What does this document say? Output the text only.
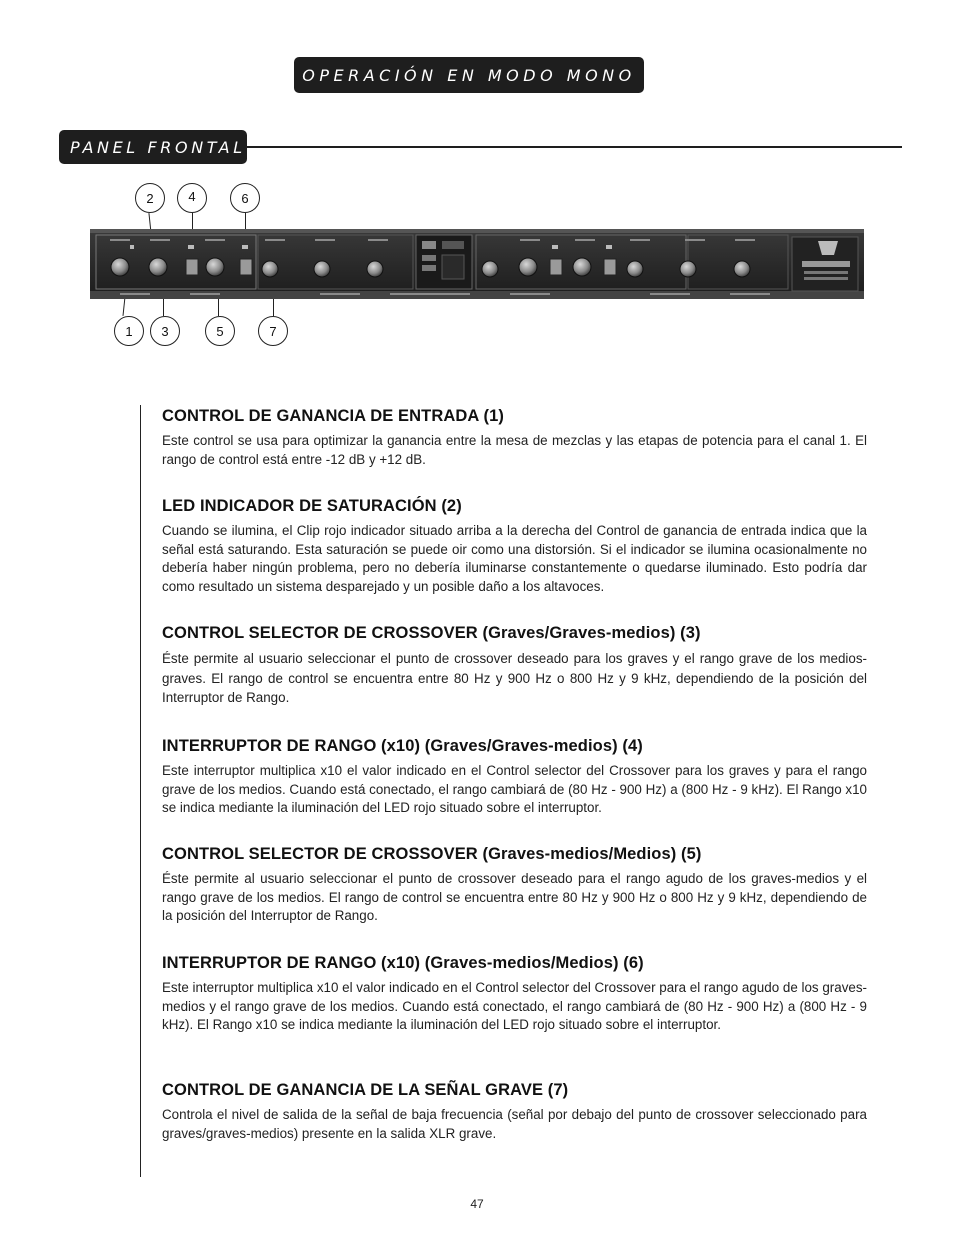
OPERACIÓN EN MODO MONO
PANEL FRONTAL
2	4	6
1 3	5	7
CONTROL DE GANANCIA DE ENTRADA (1)

Este control se usa para optimizar la ganancia entre la mesa de mezclas y las etapas de potencia para el canal 1. El rango de control está entre -12 dB y +12 dB.

LED INDICADOR DE SATURACIÓN (2)

Cuando se ilumina, el Clip rojo indicador situado arriba a la derecha del Control de ganancia de entrada indica que la señal está saturando. Esta saturación se puede oir como una distorsión. Si el indicador se ilumina ocasionalmente no debería haber ningún problema, pero no debería iluminarse constantemente o quedarse iluminado. Esto podría dar como resultado un sistema desparejado y un posible daño a los altavoces.

CONTROL SELECTOR DE CROSSOVER (Graves/Graves-medios) (3)

Éste permite al usuario seleccionar el punto de crossover deseado para los graves y el rango grave de los medios-graves. El rango de control se encuentra entre 80 Hz y 900 Hz o 800 Hz y 9 kHz, dependiendo de la posición del Interruptor de Rango.

INTERRUPTOR DE RANGO (x10) (Graves/Graves-medios) (4)

Este interruptor multiplica x10 el valor indicado en el Control selector del Crossover para los graves y para el rango grave de los medios. Cuando está conectado, el rango cambiará de (80 Hz - 900 Hz) a (800 Hz - 9 kHz). El Rango x10 se indica mediante la iluminación del LED rojo situado sobre el interruptor.

CONTROL SELECTOR DE CROSSOVER (Graves-medios/Medios) (5)

Éste permite al usuario seleccionar el punto de crossover deseado para el rango agudo de los graves-medios y el rango grave de los medios. El rango de control se encuentra entre 80 Hz y 900 Hz o 800 Hz y 9 kHz, dependiendo de la posición del Interruptor de Rango.

INTERRUPTOR DE RANGO (x10) (Graves-medios/Medios) (6)

Este interruptor multiplica x10 el valor indicado en el Control selector del Crossover para el rango agudo de los graves-medios y el rango grave de los medios. Cuando está conectado, el rango cambiará de (80 Hz - 900 Hz) a (800 Hz - 9 kHz). El Rango x10 se indica mediante la iluminación del LED rojo situado sobre el interruptor.

CONTROL DE GANANCIA DE LA SEÑAL GRAVE (7)

Controla el nivel de salida de la señal de baja frecuencia (señal por debajo del punto de crossover seleccionado para graves/graves-medios) presente en la salida XLR grave.

47
